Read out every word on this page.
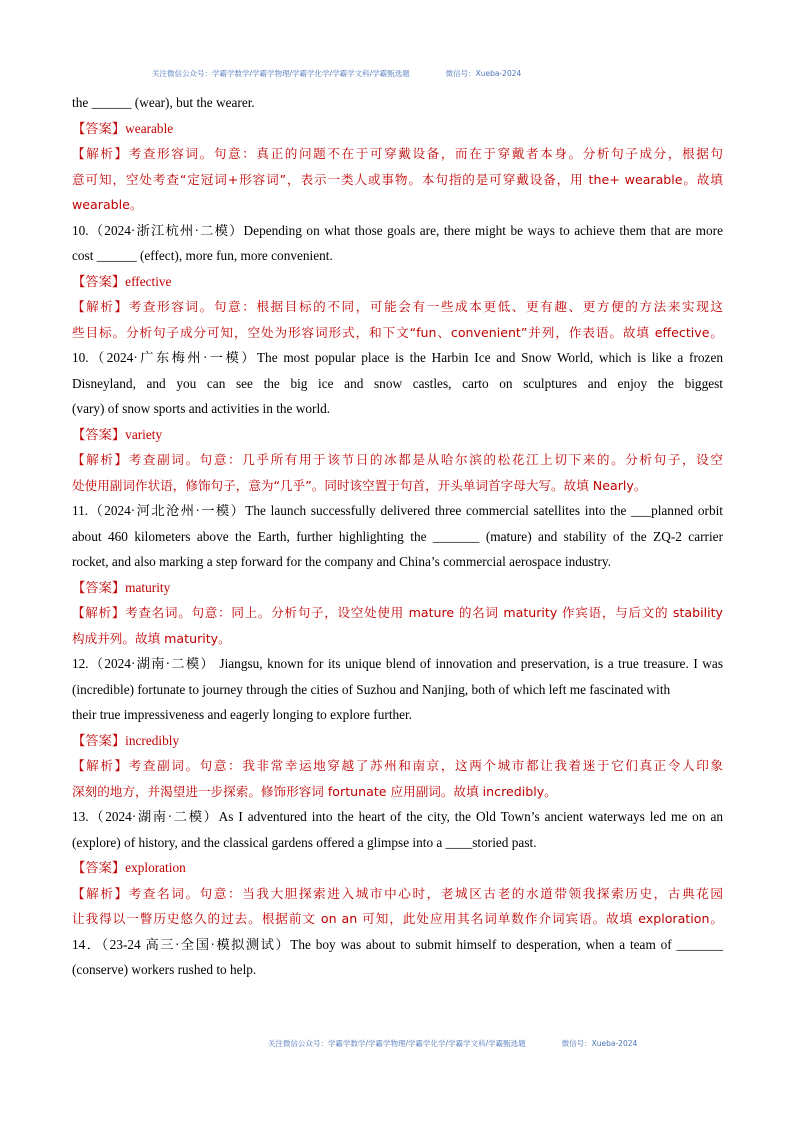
关注微信公众号：学霸学数学/学霸学物理/学霸学化学/学霸学文科/学霸甄选题	微信号：Xueba-2024
the ______ (wear), but the wearer.
【答案】wearable
【解析】考查形容词。句意：真正的问题不在于可穿戴设备，而在于穿戴者本身。分析句子成分，根据句
意可知，空处考查“定冠词+形容词”，表示一类人或事物。本句指的是可穿戴设备，用 the+ wearable。故填
wearable。
10.（2024·浙江杭州·二模）Depending on what those goals are, there might be ways to achieve them that are more
cost ______ (effect), more fun, more convenient.
【答案】effective
【解析】考查形容词。句意：根据目标的不同，可能会有一些成本更低、更有趣、更方便的方法来实现这
些目标。分析句子成分可知，空处为形容词形式，和下文“fun、convenient”并列，作表语。故填 effective。
10.（2024·广东梅州·一模）The most popular place is the Harbin Ice and Snow World, which is like a frozen
Disneyland, and you can see the big ice and snow castles, carto on sculptures and enjoy the biggest
(vary) of snow sports and activities in the world.
【答案】variety
【解析】考查副词。句意：几乎所有用于该节日的冰都是从哈尔滨的松花江上切下来的。分析句子，设空
处使用副词作状语，修饰句子，意为“几乎”。同时该空置于句首，开头单词首字母大写。故填 Nearly。
11.（2024·河北沧州·一模）The launch successfully delivered three commercial satellites into the ___planned orbit
about 460 kilometers above the Earth, further highlighting the _______ (mature) and stability of the ZQ-2 carrier
rocket, and also marking a step forward for the company and China’s commercial aerospace industry.
【答案】maturity
【解析】考查名词。句意：同上。分析句子，设空处使用 mature 的名词 maturity 作宾语，与后文的 stability
构成并列。故填 maturity。
12.（2024·湖南·二模） Jiangsu, known for its unique blend of innovation and preservation, is a true treasure. I was
(incredible) fortunate to journey through the cities of Suzhou and Nanjing, both of which left me fascinated with
their true impressiveness and eagerly longing to explore further.
【答案】incredibly
【解析】考查副词。句意：我非常幸运地穿越了苏州和南京，这两个城市都让我着迷于它们真正令人印象
深刻的地方，并渴望进一步探索。修饰形容词 fortunate 应用副词。故填 incredibly。
13.（2024·湖南·二模）As I adventured into the heart of the city, the Old Town’s ancient waterways led me on an
(explore) of history, and the classical gardens offered a glimpse into a ____storied past.
【答案】exploration
【解析】考查名词。句意：当我大胆探索进入城市中心时，老城区古老的水道带领我探索历史，古典花园
让我得以一瞥历史悠久的过去。根据前文 on an 可知，此处应用其名词单数作介词宾语。故填 exploration。
14．（23-24 高三·全国·模拟测试）The boy was about to submit himself to desperation, when a team of _______
(conserve) workers rushed to help.
关注微信公众号：学霸学数学/学霸学物理/学霸学化学/学霸学文科/学霸甄选题	微信号：Xueba-2024
